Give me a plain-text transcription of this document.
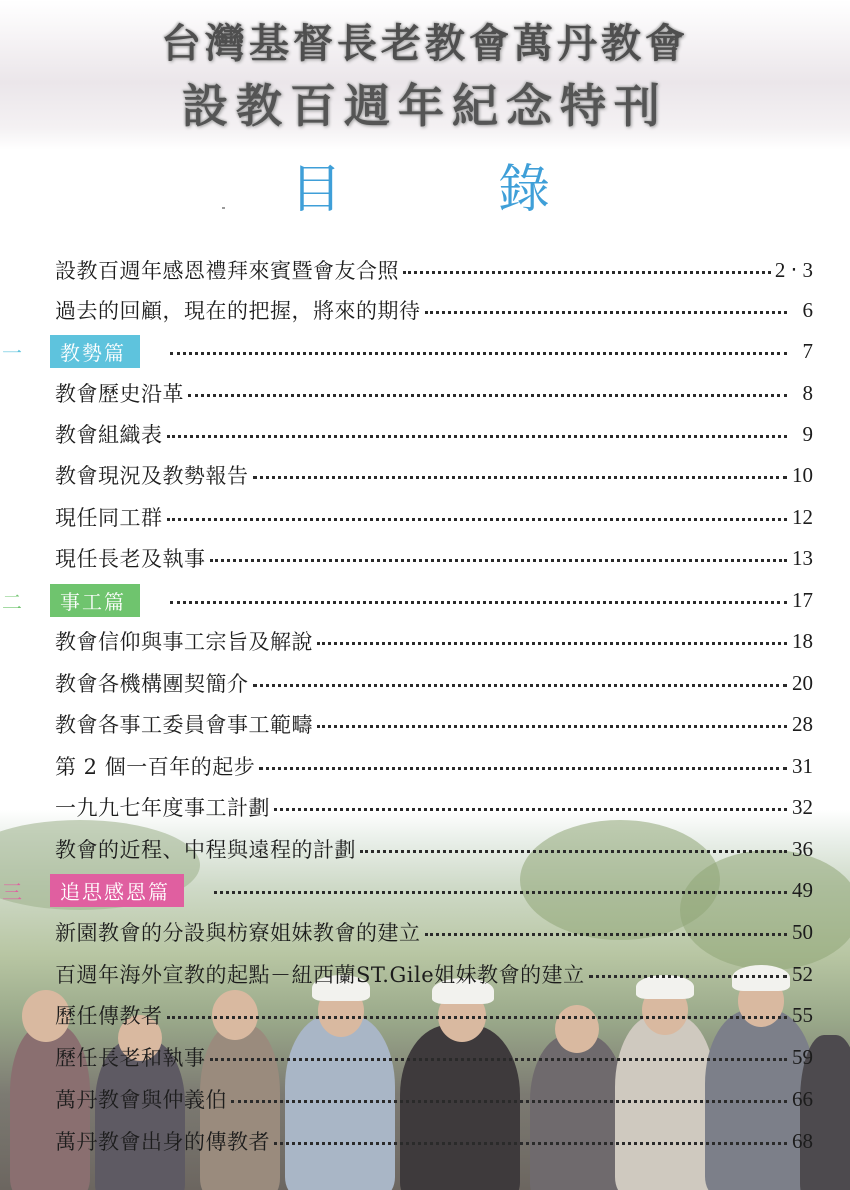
台灣基督長老教會萬丹教會
設教百週年紀念特刊
目	錄
設教百週年感恩禮拜來賓暨會友合照	2 ‧ 3
過去的回顧，現在的把握，將來的期待	6
一	教勢篇	7
教會歷史沿革	8
教會組織表	9
教會現況及教勢報告	10
現任同工群	12
現任長老及執事	13
二	事工篇	17
教會信仰與事工宗旨及解說	18
教會各機構團契簡介	20
教會各事工委員會事工範疇	28
第 2 個一百年的起步	31
一九九七年度事工計劃	32
教會的近程、中程與遠程的計劃	36
三	追思感恩篇	49
新園教會的分設與枋寮姐妹教會的建立	50
百週年海外宣教的起點－紐西蘭ST.Gile姐妹教會的建立	52
歷任傳教者	55
歷任長老和執事	59
萬丹教會與仲義伯	66
萬丹教會出身的傳教者	68
